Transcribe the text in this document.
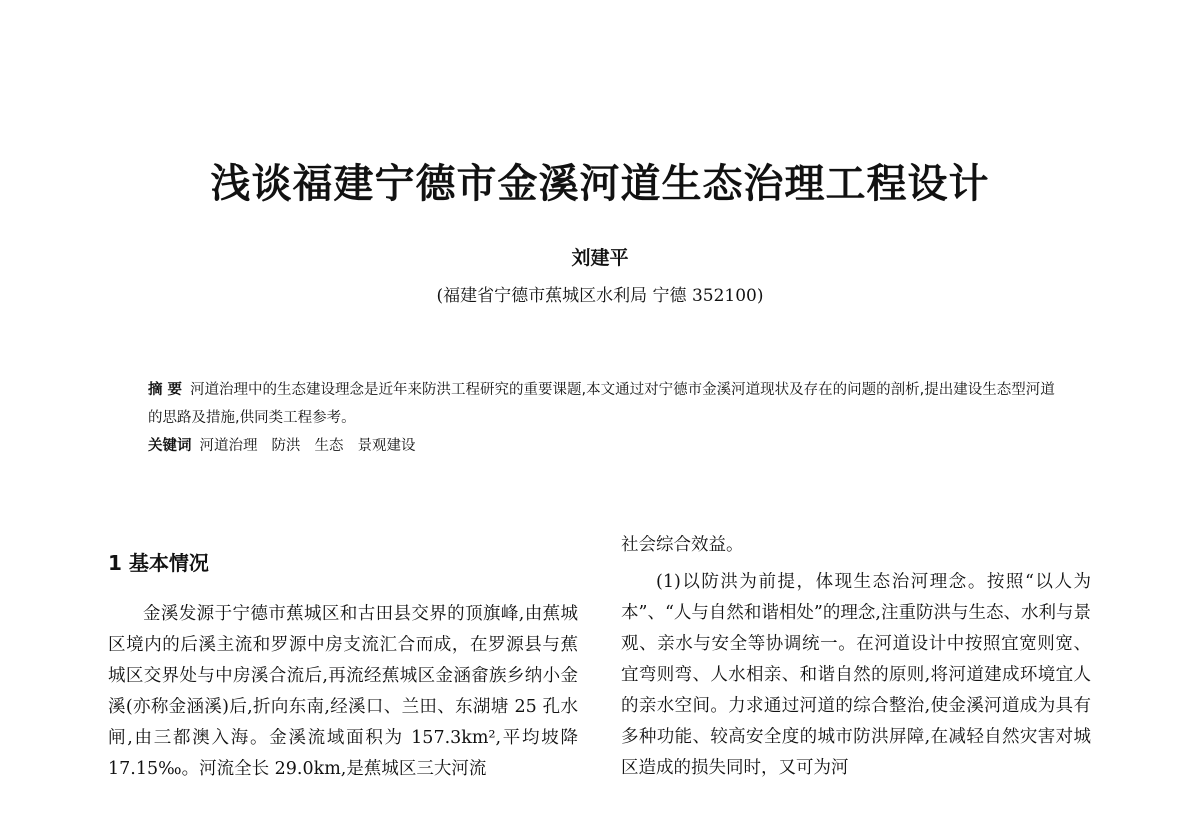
浅谈福建宁德市金溪河道生态治理工程设计
刘建平
(福建省宁德市蕉城区水利局 宁德 352100)

摘 要 河道治理中的生态建设理念是近年来防洪工程研究的重要课题,本文通过对宁德市金溪河道现状及存在的问题的剖析,提出建设生态型河道的思路及措施,供同类工程参考。

关键词 河道治理 防洪 生态 景观建设

1 基本情况

金溪发源于宁德市蕉城区和古田县交界的顶旗峰,由蕉城区境内的后溪主流和罗源中房支流汇合而成，在罗源县与蕉城区交界处与中房溪合流后,再流经蕉城区金涵畲族乡纳小金溪(亦称金涵溪)后,折向东南,经溪口、兰田、东湖塘 25 孔水闸,由三都澳入海。金溪流域面积为 157.3km²,平均坡降 17.15‰。河流全长 29.0km,是蕉城区三大河流

社会综合效益。

(1)以防洪为前提，体现生态治河理念。按照“以人为本”、“人与自然和谐相处”的理念,注重防洪与生态、水利与景观、亲水与安全等协调统一。在河道设计中按照宜宽则宽、宜弯则弯、人水相亲、和谐自然的原则,将河道建成环境宜人的亲水空间。力求通过河道的综合整治,使金溪河道成为具有多种功能、较高安全度的城市防洪屏障,在减轻自然灾害对城区造成的损失同时，又可为河
